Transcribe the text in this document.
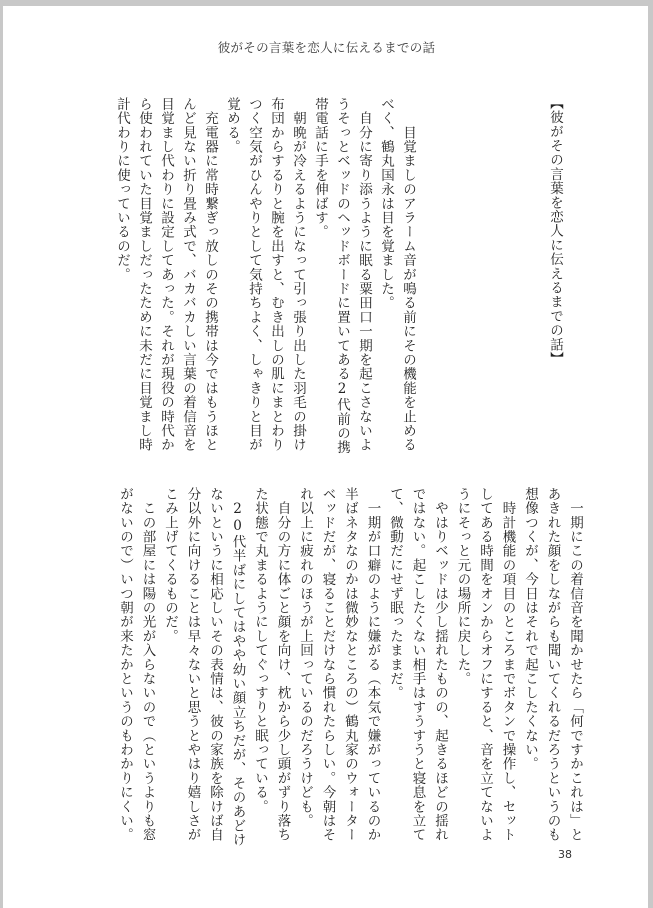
彼がその言葉を恋人に伝えるまでの話
【彼がその言葉を恋人に伝えるまでの話】
　　目覚ましのアラーム音が鳴る前にその機能を止める
べく、鶴丸国永は目を覚ました。
　自分に寄り添うように眠る粟田口一期を起こさないよ
うそっとベッドのヘッドボードに置いてある2代前の携
帯電話に手を伸ばす。
　朝晩が冷えるようになって引っ張り出した羽毛の掛け
布団からするりと腕を出すと、むき出しの肌にまとわり
つく空気がひんやりとして気持ちよく、しゃきりと目が
覚める。
　充電器に常時繋ぎっ放しのその携帯は今ではもうほと
んど見ない折り畳み式で、バカバカしい言葉の着信音を
目覚まし代わりに設定してあった。それが現役の時代か
ら使われていた目覚ましだったために未だに目覚まし時
計代わりに使っているのだ。
　一期にこの着信音を聞かせたら「何ですかこれは」と
あきれた顔をしながらも聞いてくれるだろうというのも
想像つくが、今日はそれで起こしたくない。
　時計機能の項目のところまでボタンで操作し、セット
してある時間をオンからオフにすると、音を立てないよ
うにそっと元の場所に戻した。
　やはりベッドは少し揺れたものの、起きるほどの揺れ
ではない。起こしたくない相手はすうすうと寝息を立て
て、微動だにせず眠ったままだ。
　一期が口癖のように嫌がる（本気で嫌がっているのか
半ばネタなのかは微妙なところの）鶴丸家のウォーター
ベッドだが、寝ることだけなら慣れたらしい。今朝はそ
れ以上に疲れのほうが上回っているのだろうけども。
　自分の方に体ごと顔を向け、枕から少し頭がずり落ち
た状態で丸まるようにしてぐっすりと眠っている。
　20代半ばにしてはやや幼い顔立ちだが、そのあどけ
ないというに相応しいその表情は、彼の家族を除けば自
分以外に向けることは早々ないと思うとやはり嬉しさが
こみ上げてくるものだ。
　この部屋には陽の光が入らないので（というよりも窓
がないので）いつ朝が来たかというのもわかりにくい。
38
